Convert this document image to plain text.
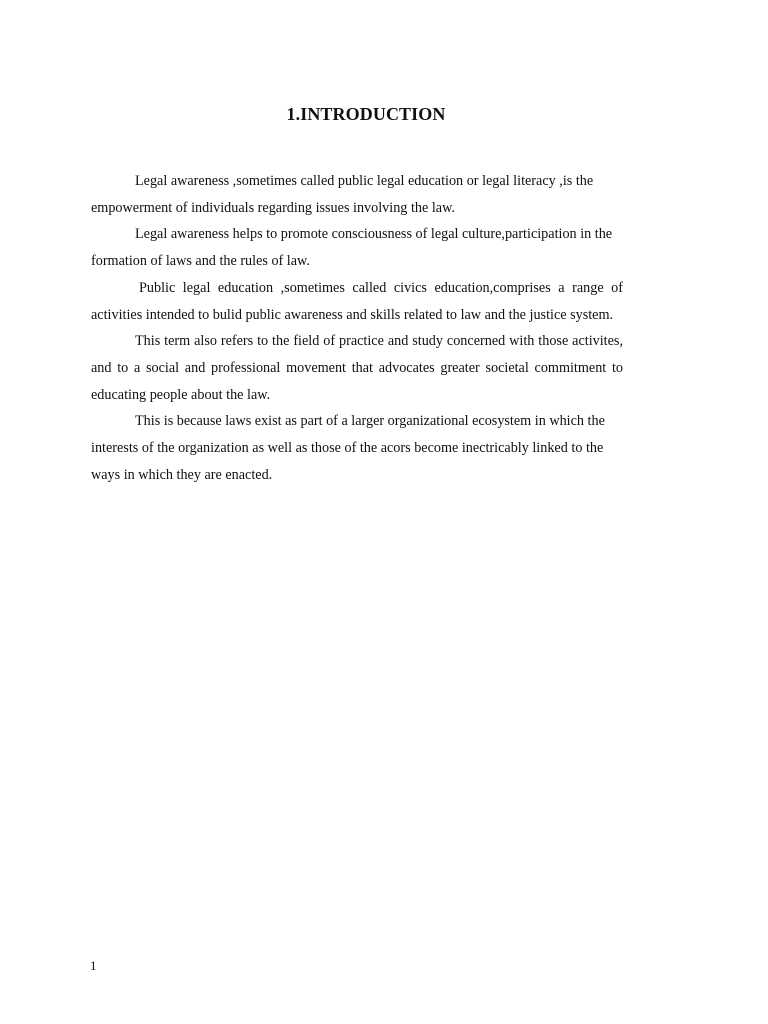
1.INTRODUCTION

Legal awareness ,sometimes called public legal education or legal literacy ,is the empowerment of individuals regarding issues involving the law.

Legal awareness helps to promote consciousness of legal culture,participation in the formation of laws and the rules of law.

Public legal education ,sometimes called civics education,comprises a range of activities intended to bulid public awareness and skills related to law and the justice system.

This term also refers to the field of practice and study concerned with those activites, and to a social and professional movement that advocates greater societal commitment to educating people about the law.

This is because laws exist as part of a larger organizational ecosystem in which the interests of the organization as well as those of the acors become inectricably linked to the ways in which they are enacted.

1
